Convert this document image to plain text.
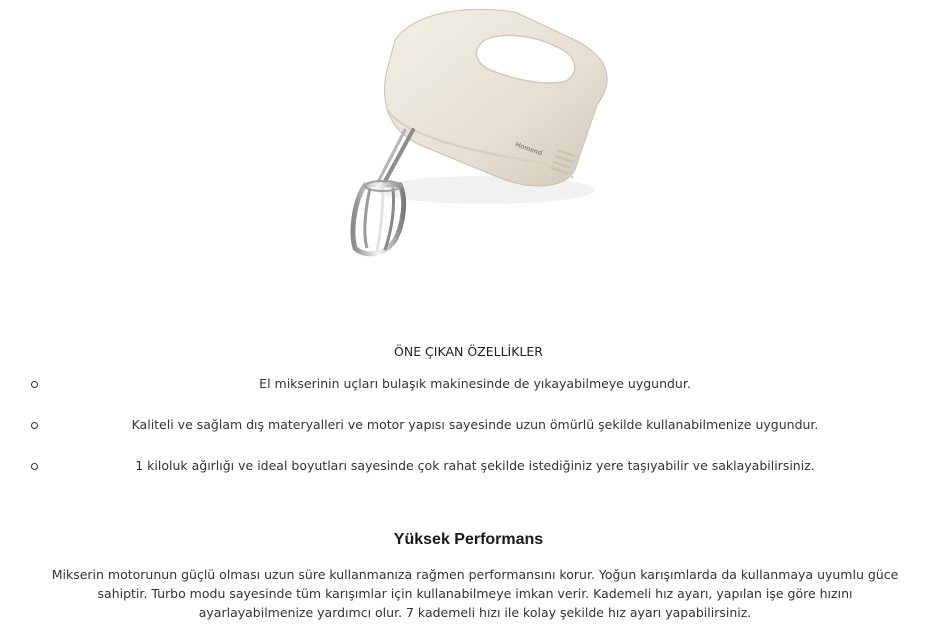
Homend
ÖNE ÇIKAN ÖZELLİKLER
El mikserinin uçları bulaşık makinesinde de yıkayabilmeye uygundur.
Kaliteli ve sağlam dış materyalleri ve motor yapısı sayesinde uzun ömürlü şekilde kullanabilmenize uygundur.
1 kiloluk ağırlığı ve ideal boyutları sayesinde çok rahat şekilde istediğiniz yere taşıyabilir ve saklayabilirsiniz.
Yüksek Performans
Mikserin motorunun güçlü olması uzun süre kullanmanıza rağmen performansını korur. Yoğun karışımlarda da kullanmaya uyumlu güce sahiptir. Turbo modu sayesinde tüm karışımlar için kullanabilmeye imkan verir. Kademeli hız ayarı, yapılan işe göre hızını ayarlayabilmenize yardımcı olur. 7 kademeli hızı ile kolay şekilde hız ayarı yapabilirsiniz.
